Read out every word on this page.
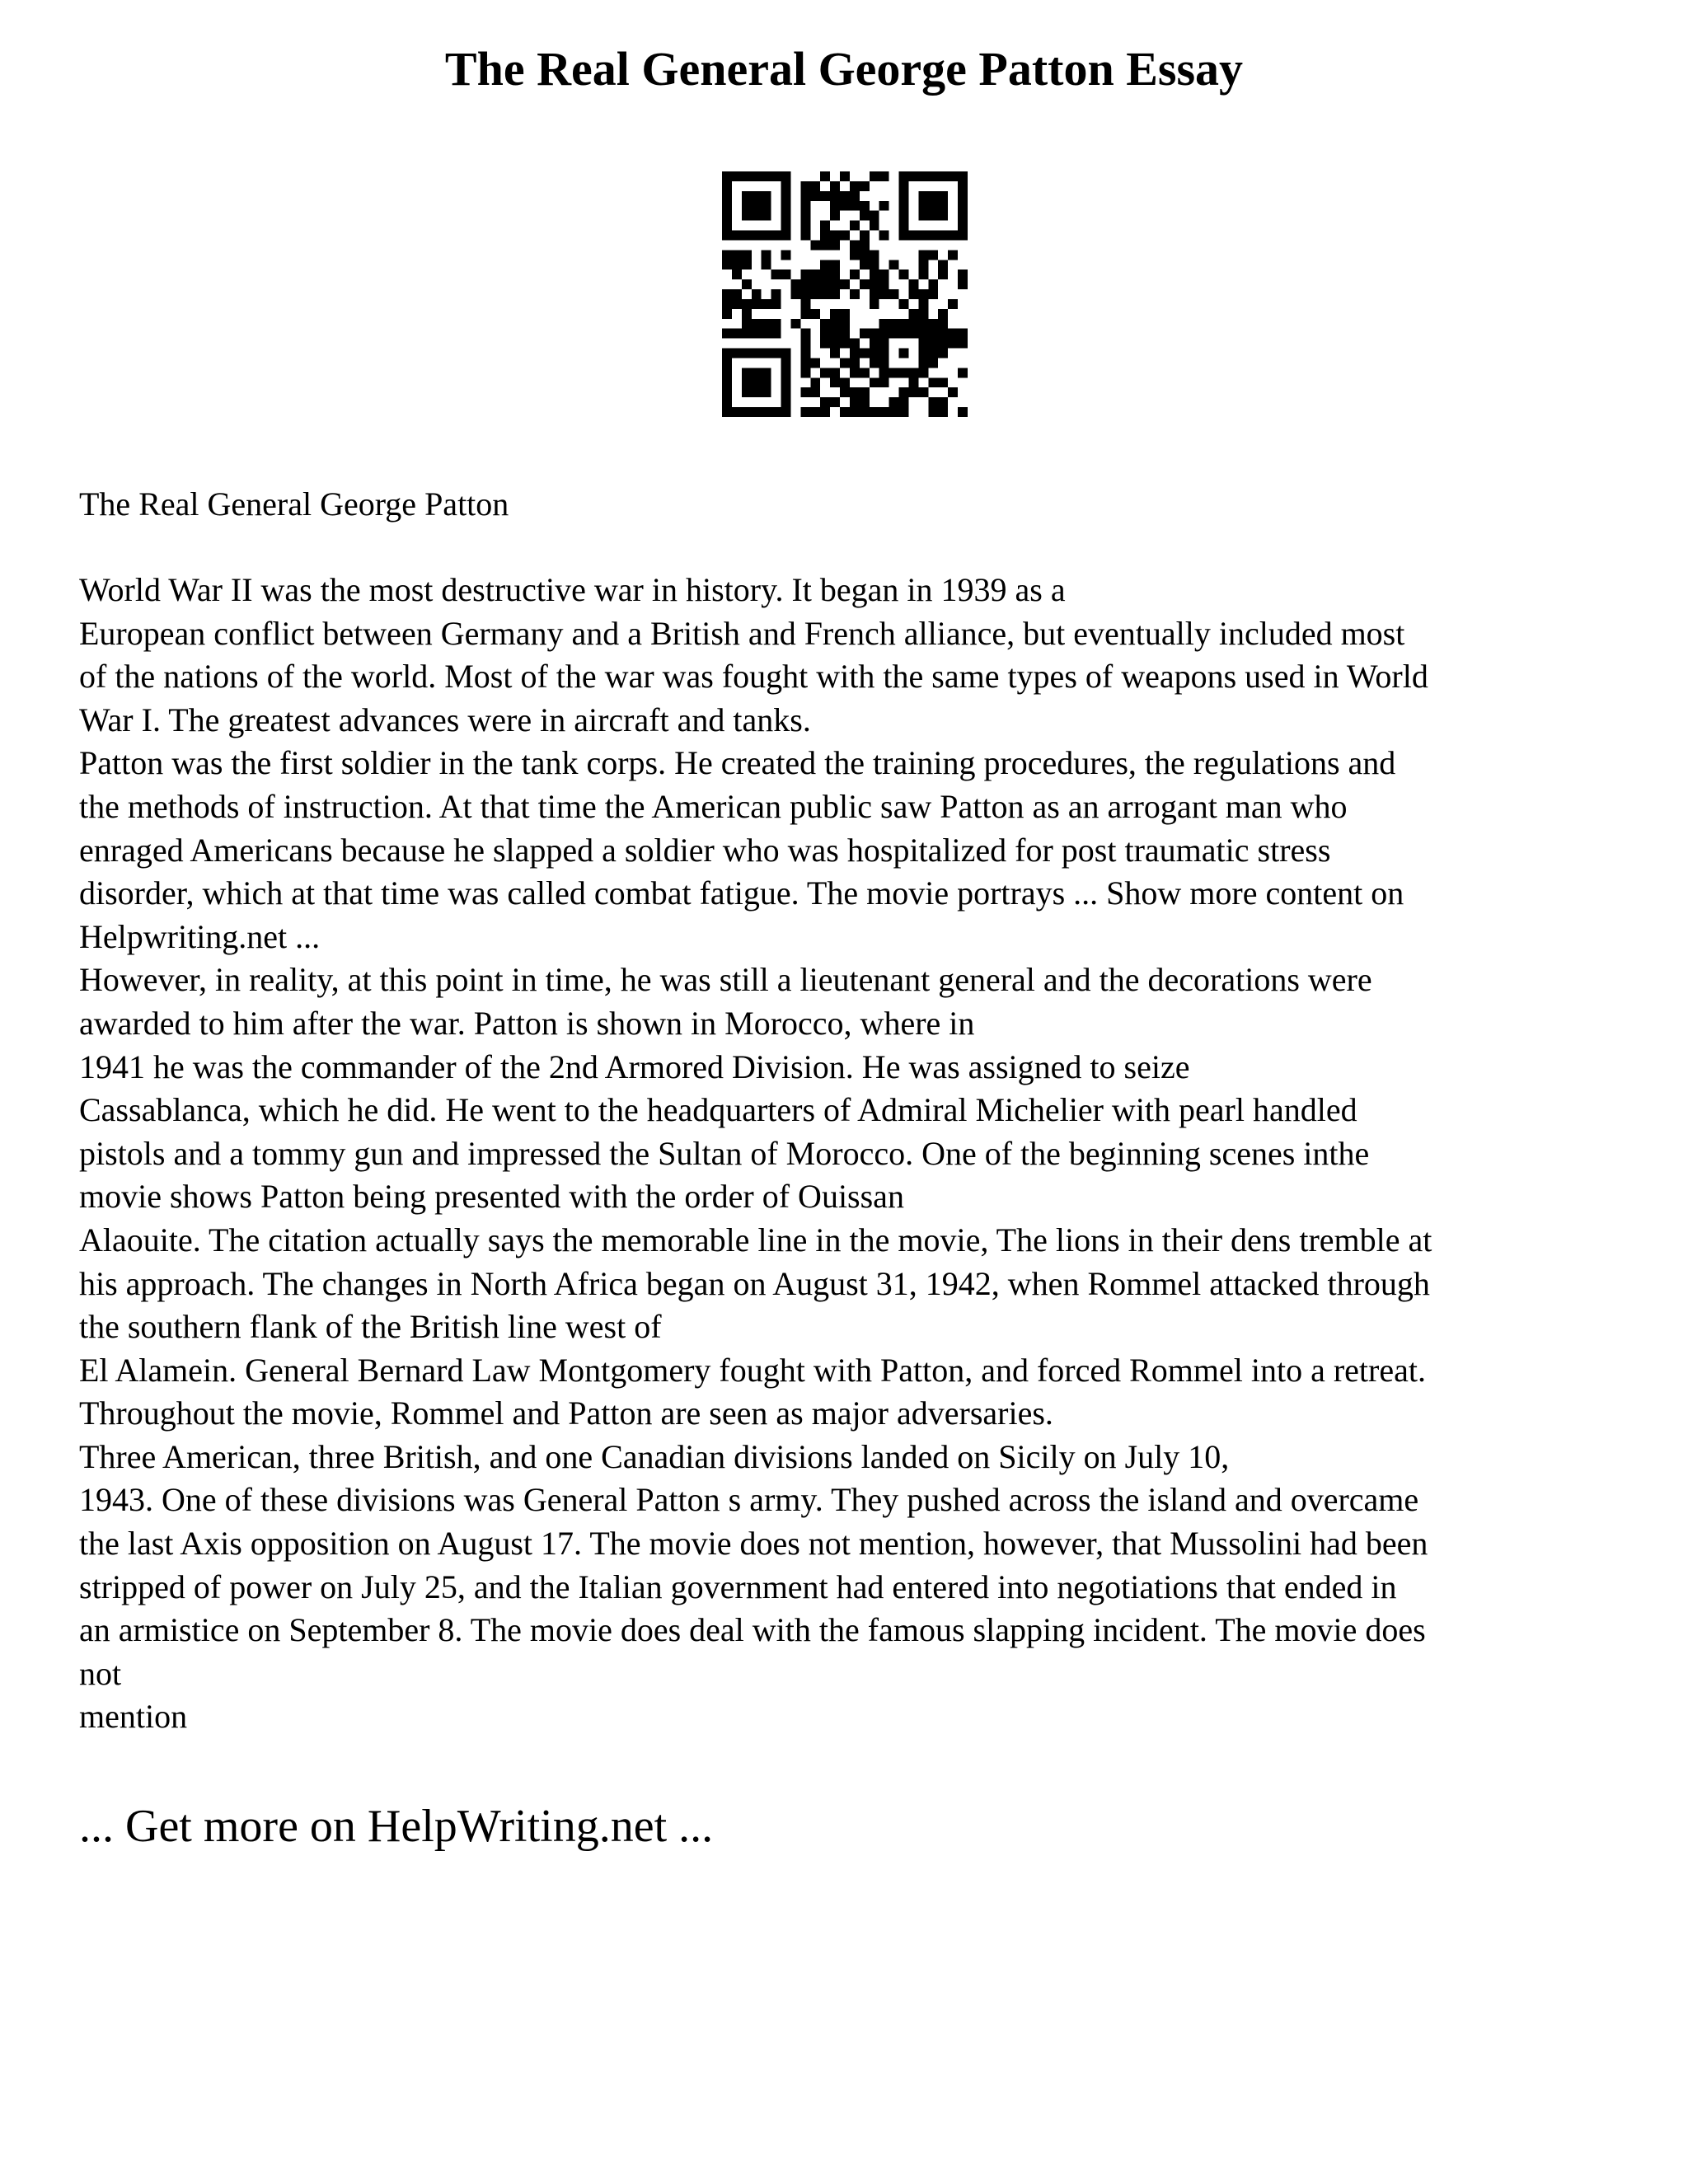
The Real General George Patton Essay

The Real General George Patton

World War II was the most destructive war in history. It began in 1939 as a
European conflict between Germany and a British and French alliance, but eventually included most
of the nations of the world. Most of the war was fought with the same types of weapons used in World
War I. The greatest advances were in aircraft and tanks.
Patton was the first soldier in the tank corps. He created the training procedures, the regulations and
the methods of instruction. At that time the American public saw Patton as an arrogant man who
enraged Americans because he slapped a soldier who was hospitalized for post traumatic stress
disorder, which at that time was called combat fatigue. The movie portrays ... Show more content on
Helpwriting.net ...
However, in reality, at this point in time, he was still a lieutenant general and the decorations were
awarded to him after the war. Patton is shown in Morocco, where in
1941 he was the commander of the 2nd Armored Division. He was assigned to seize
Cassablanca, which he did. He went to the headquarters of Admiral Michelier with pearl handled
pistols and a tommy gun and impressed the Sultan of Morocco. One of the beginning scenes inthe
movie shows Patton being presented with the order of Ouissan
Alaouite. The citation actually says the memorable line in the movie, The lions in their dens tremble at
his approach. The changes in North Africa began on August 31, 1942, when Rommel attacked through
the southern flank of the British line west of
El Alamein. General Bernard Law Montgomery fought with Patton, and forced Rommel into a retreat.
Throughout the movie, Rommel and Patton are seen as major adversaries.
Three American, three British, and one Canadian divisions landed on Sicily on July 10,
1943. One of these divisions was General Patton s army. They pushed across the island and overcame
the last Axis opposition on August 17. The movie does not mention, however, that Mussolini had been
stripped of power on July 25, and the Italian government had entered into negotiations that ended in
an armistice on September 8. The movie does deal with the famous slapping incident. The movie does
not
mention
... Get more on HelpWriting.net ...
